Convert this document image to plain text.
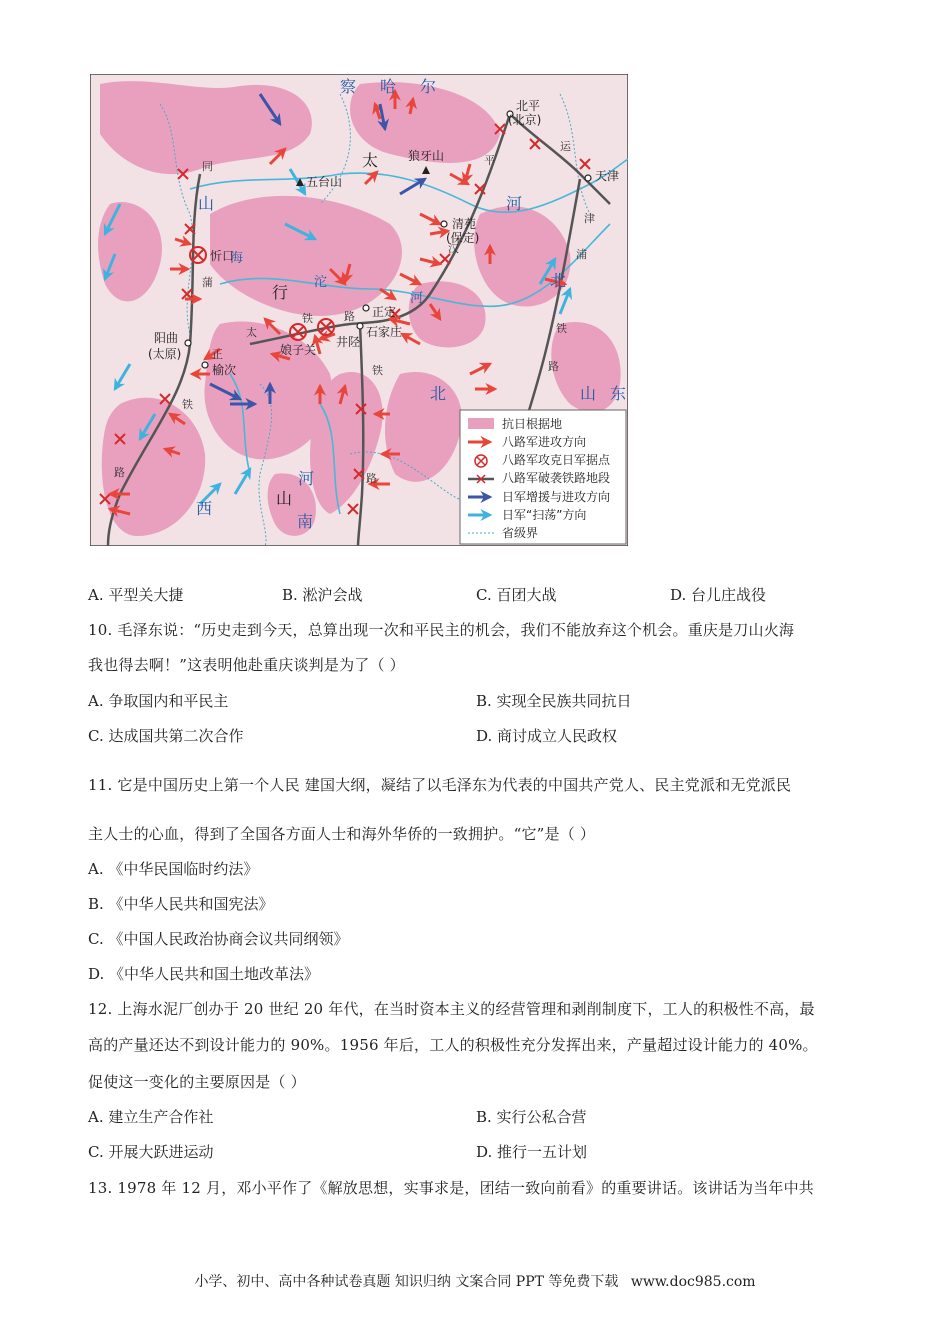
察 哈 尔
太
行
山
北	山 东
河
南
山
西
河
北
海
沱
河
同
蒲
铁
路
正
太
铁	路
平
汉
铁
路
运
津
浦
铁
路
北平
(北京)
天津
狼牙山
五台山
清苑
(保定)
忻口
阳曲
(太原)
榆次
娘子关
井陉
正定
石家庄
抗日根据地
八路军进攻方向
八路军攻克日军据点
八路军破袭铁路地段
日军增援与进攻方向
日军“扫荡”方向
省级界
A. 平型关大捷	B. 淞沪会战	C. 百团大战	D. 台儿庄战役
10. 毛泽东说：“历史走到今天，总算出现一次和平民主的机会，我们不能放弃这个机会。重庆是刀山火海
我也得去啊！”这表明他赴重庆谈判是为了（ ）
A. 争取国内和平民主	B. 实现全民族共同抗日
C. 达成国共第二次合作	D. 商讨成立人民政权
11. 它是中国历史上第一个人民 建国大纲，凝结了以毛泽东为代表的中国共产党人、民主党派和无党派民
主人士的心血，得到了全国各方面人士和海外华侨的一致拥护。“它”是（ ）
A. 《中华民国临时约法》
B. 《中华人民共和国宪法》
C. 《中国人民政治协商会议共同纲领》
D. 《中华人民共和国土地改革法》
12. 上海水泥厂创办于 20 世纪 20 年代，在当时资本主义的经营管理和剥削制度下，工人的积极性不高，最
高的产量还达不到设计能力的 90%。1956 年后，工人的积极性充分发挥出来，产量超过设计能力的 40%。
促使这一变化的主要原因是（ ）
A. 建立生产合作社	B. 实行公私合营
C. 开展大跃进运动	D. 推行一五计划
13. 1978 年 12 月，邓小平作了《解放思想，实事求是，团结一致向前看》的重要讲话。该讲话为当年中共
小学、初中、高中各种试卷真题 知识归纳 文案合同 PPT 等免费下载 www.doc985.com
